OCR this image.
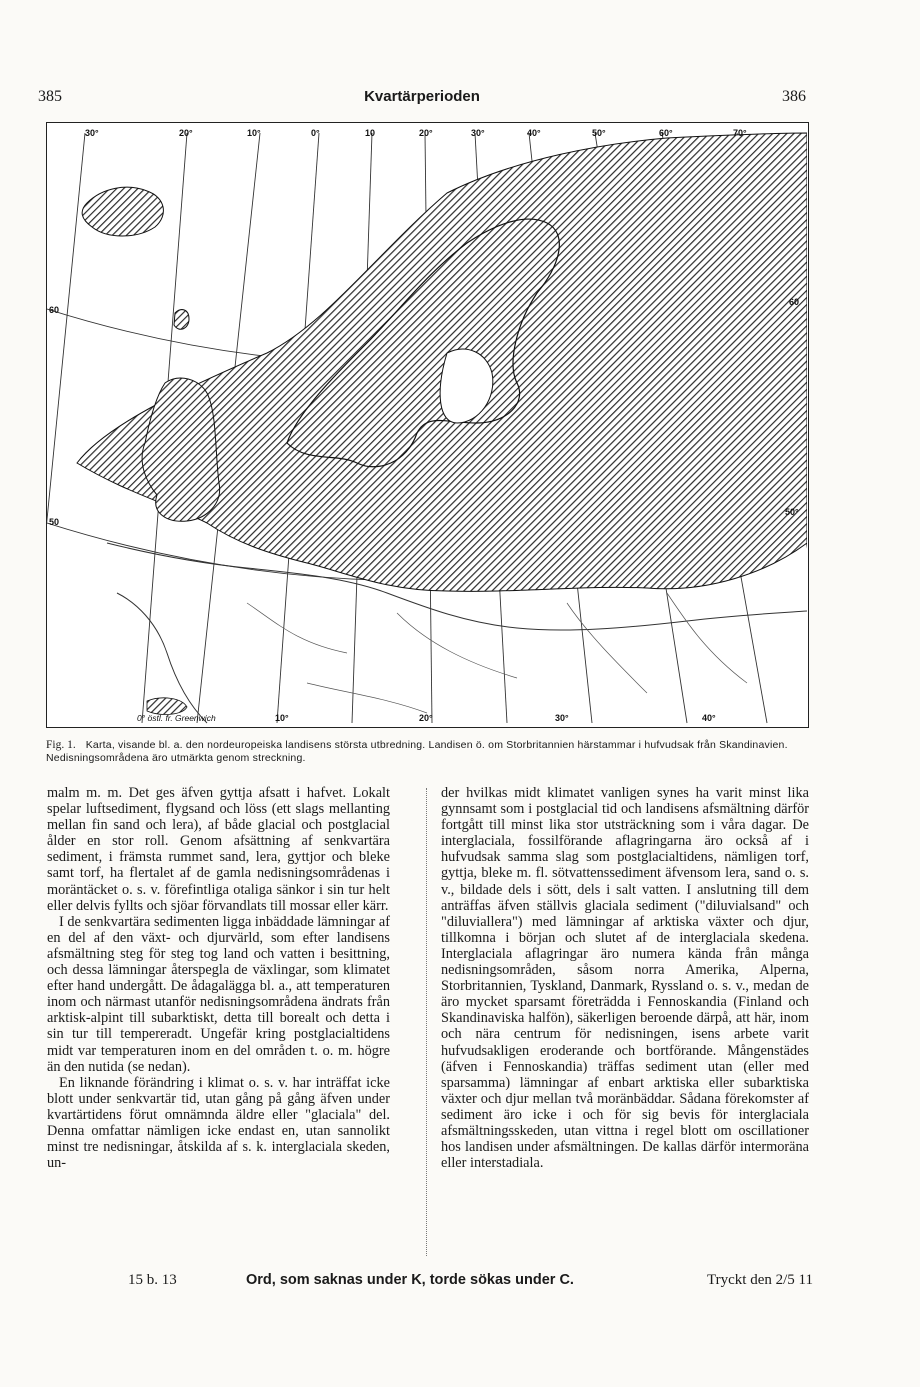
385	Kvartärperioden	386
30°	20°	10°	0°	10	20°	30°	40°	50°	60°	70°
60
50
60
50°
0° östl. fr. Greenwich	10°	20°	30°	40°
Fig. 1. Karta, visande bl. a. den nordeuropeiska landisens största utbredning. Landisen ö. om Storbritannien härstammar i hufvudsak från Skandinavien. Nedisningsområdena äro utmärkta genom streckning.

malm m. m. Det ges äfven gyttja afsatt i hafvet. Lokalt spelar luftsediment, flygsand och löss (ett slags mellanting mellan fin sand och lera), af både glacial och postglacial ålder en stor roll. Genom afsättning af senkvartära sediment, i främsta rummet sand, lera, gyttjor och bleke samt torf, ha flertalet af de gamla nedisningsområdenas i moräntäcket o. s. v. förefintliga otaliga sänkor i sin tur helt eller delvis fyllts och sjöar förvandlats till mossar eller kärr.

I de senkvartära sedimenten ligga inbäddade lämningar af en del af den växt- och djurvärld, som efter landisens afsmältning steg för steg tog land och vatten i besittning, och dessa lämningar återspegla de växlingar, som klimatet efter hand undergått. De ådagalägga bl. a., att temperaturen inom och närmast utanför nedisningsområdena ändrats från arktisk-alpint till subarktiskt, detta till borealt och detta i sin tur till tempereradt. Ungefär kring postglacialtidens midt var temperaturen inom en del områden t. o. m. högre än den nutida (se nedan).

En liknande förändring i klimat o. s. v. har inträffat icke blott under senkvartär tid, utan gång på gång äfven under kvartärtidens förut omnämnda äldre eller "glaciala" del. Denna omfattar nämligen icke endast en, utan sannolikt minst tre nedisningar, åtskilda af s. k. interglaciala skeden, un-

der hvilkas midt klimatet vanligen synes ha varit minst lika gynnsamt som i postglacial tid och landisens afsmältning därför fortgått till minst lika stor utsträckning som i våra dagar. De interglaciala, fossilförande aflagringarna äro också af i hufvudsak samma slag som postglacialtidens, nämligen torf, gyttja, bleke m. fl. sötvattenssediment äfvensom lera, sand o. s. v., bildade dels i sött, dels i salt vatten. I anslutning till dem anträffas äfven ställvis glaciala sediment ("diluvialsand" och "diluviallera") med lämningar af arktiska växter och djur, tillkomna i början och slutet af de interglaciala skedena. Interglaciala aflagringar äro numera kända från många nedisningsområden, såsom norra Amerika, Alperna, Storbritannien, Tyskland, Danmark, Ryssland o. s. v., medan de äro mycket sparsamt företrädda i Fennoskandia (Finland och Skandinaviska halfön), säkerligen beroende därpå, att här, inom och nära centrum för nedisningen, isens arbete varit hufvudsakligen eroderande och bortförande. Mångenstädes (äfven i Fennoskandia) träffas sediment utan (eller med sparsamma) lämningar af enbart arktiska eller subarktiska växter och djur mellan två moränbäddar. Sådana förekomster af sediment äro icke i och för sig bevis för interglaciala afsmältningsskeden, utan vittna i regel blott om oscillationer hos landisen under afsmältningen. De kallas därför intermoräna eller interstadiala.

15 b. 13	Ord, som saknas under K, torde sökas under C.	Tryckt den 2/5 11
